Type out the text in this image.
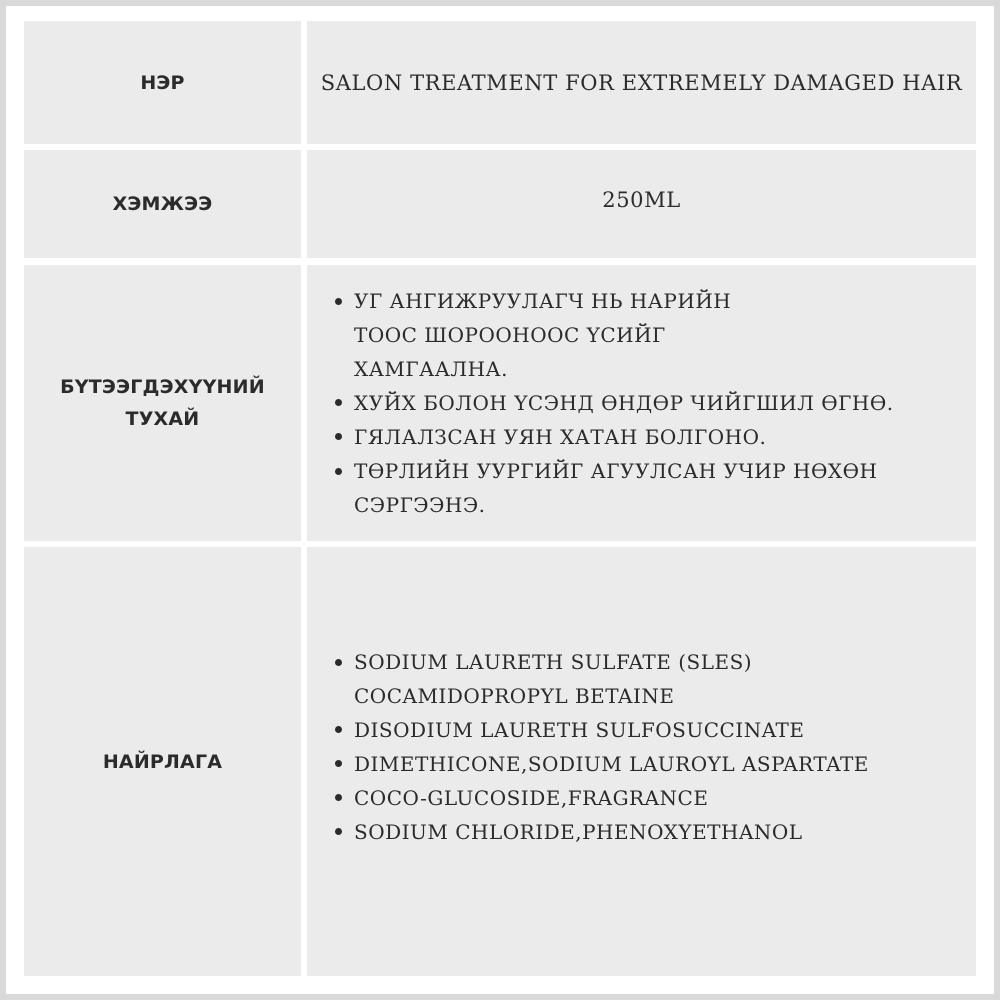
НЭР	SALON TREATMENT FOR EXTREMELY DAMAGED HAIR
ХЭМЖЭЭ	250ML
БҮТЭЭГДЭХҮҮНИЙ
ТУХАЙ
УГ АНГИЖРУУЛАГЧ НЬ НАРИЙН ТООС ШОРООНООС ҮСИЙГ ХАМГААЛНА.
ХУЙХ БОЛОН ҮСЭНД ӨНДӨР ЧИЙГШИЛ ӨГНӨ.
ГЯЛАЛЗСАН УЯН ХАТАН БОЛГОНО.
ТӨРЛИЙН УУРГИЙГ АГУУЛСАН УЧИР НӨХӨН СЭРГЭЭНЭ.
НАЙРЛАГА
SODIUM LAURETH SULFATE (SLES) COCAMIDOPROPYL BETAINE
DISODIUM LAURETH SULFOSUCCINATE
DIMETHICONE,SODIUM LAUROYL ASPARTATE
COCO-GLUCOSIDE,FRAGRANCE
SODIUM CHLORIDE,PHENOXYETHANOL
